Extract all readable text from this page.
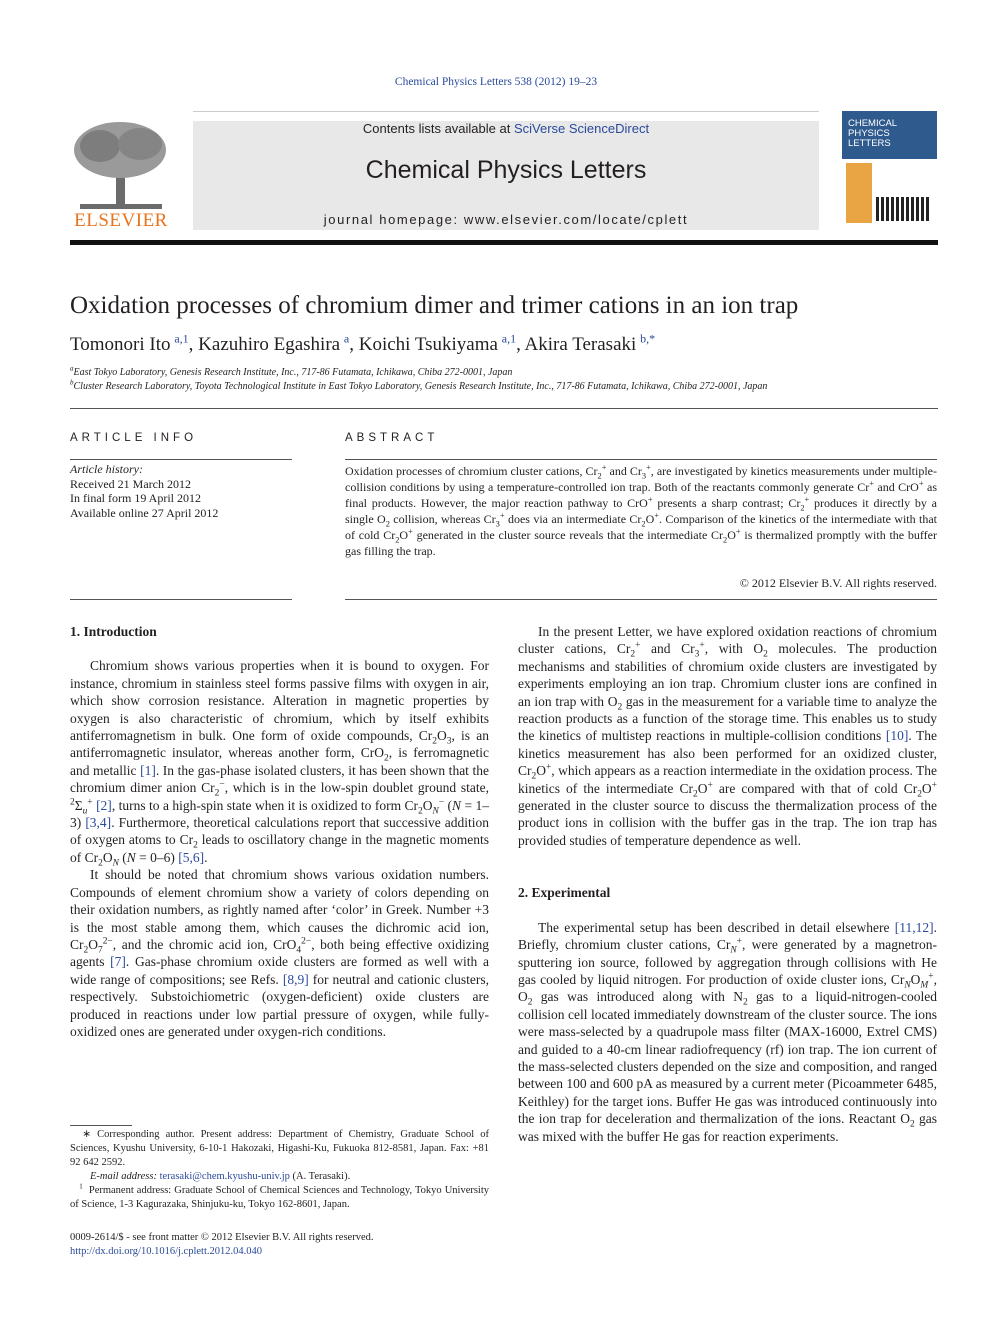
Chemical Physics Letters 538 (2012) 19–23
Contents lists available at SciVerse ScienceDirect
Chemical Physics Letters
journal homepage: www.elsevier.com/locate/cplett
ELSEVIER
CHEMICAL PHYSICS LETTERS
Oxidation processes of chromium dimer and trimer cations in an ion trap
Tomonori Ito  $^{a,1}$, Kazuhiro Egashira  $^a$, Koichi Tsukiyama  $^{a,1}$, Akira Terasaki  $^{b,*}$
$^a$East Tokyo Laboratory, Genesis Research Institute, Inc., 717-86 Futamata, Ichikawa, Chiba 272-0001, Japan
$^b$Cluster Research Laboratory, Toyota Technological Institute in East Tokyo Laboratory, Genesis Research Institute, Inc., 717-86 Futamata, Ichikawa, Chiba 272-0001, Japan
ARTICLE INFO
Article history:
Received 21 March 2012
In final form 19 April 2012
Available online 27 April 2012
ABSTRACT
Oxidation processes of chromium cluster cations, $Cr_2^+$ and $Cr_3^+$, are investigated by kinetics measurements under multiple-collision conditions by using a temperature-controlled ion trap. Both of the reactants commonly generate Cr+ and CrO+ as final products. However, the major reaction pathway to CrO+ presents a sharp contrast; $Cr_2^+$ produces it directly by a single $O_2$ collision, whereas $Cr_3^+$ does via an intermediate $Cr_2O^+$. Comparison of the kinetics of the intermediate with that of cold $Cr_2O^+$ generated in the cluster source reveals that the intermediate $Cr_2O^+$ is thermalized promptly with the buffer gas filling the trap.
© 2012 Elsevier B.V. All rights reserved.
1. Introduction

Chromium shows various properties when it is bound to oxygen. For instance, chromium in stainless steel forms passive films with oxygen in air, which show corrosion resistance. Alteration in magnetic properties by oxygen is also characteristic of chromium, which by itself exhibits antiferromagnetism in bulk. One form of oxide compounds, $Cr_2O_3$, is an antiferromagnetic insulator, whereas another form, CrO$_2$, is ferromagnetic and metallic [1]. In the gas-phase isolated clusters, it has been shown that the chromium dimer anion $Cr_2^-$, which is in the low-spin doublet ground state, $^2\Sigma_u^+$ [2], turns to a high-spin state when it is oxidized to form $Cr_2O_N^-$ (N = 1–3) [3,4]. Furthermore, theoretical calculations report that successive addition of oxygen atoms to $Cr_2$ leads to oscillatory change in the magnetic moments of $Cr_2O_N$ (N = 0–6) [5,6].

It should be noted that chromium shows various oxidation numbers. Compounds of element chromium show a variety of colors depending on their oxidation numbers, as rightly named after ‘color’ in Greek. Number +3 is the most stable among them, which causes the dichromic acid ion, $Cr_2O_7^{2-}$, and the chromic acid ion, CrO$_4^{2-}$, both being effective oxidizing agents [7]. Gas-phase chromium oxide clusters are formed as well with a wide range of compositions; see Refs. [8,9] for neutral and cationic clusters, respectively. Substoichiometric (oxygen-deficient) oxide clusters are produced in reactions under low partial pressure of oxygen, while fully-oxidized ones are generated under oxygen-rich conditions.

∗ Corresponding author. Present address: Department of Chemistry, Graduate School of Sciences, Kyushu University, 6-10-1 Hakozaki, Higashi-Ku, Fukuoka 812-8581, Japan. Fax: +81 92 642 2592.
E-mail address: terasaki@chem.kyushu-univ.jp (A. Terasaki).
$^1$ Permanent address: Graduate School of Chemical Sciences and Technology, Tokyo University of Science, 1-3 Kagurazaka, Shinjuku-ku, Tokyo 162-8601, Japan.
0009-2614/$ - see front matter © 2012 Elsevier B.V. All rights reserved.
http://dx.doi.org/10.1016/j.cplett.2012.04.040

In the present Letter, we have explored oxidation reactions of chromium cluster cations, $Cr_2^+$ and $Cr_3^+$, with $O_2$ molecules. The production mechanisms and stabilities of chromium oxide clusters are investigated by experiments employing an ion trap. Chromium cluster ions are confined in an ion trap with $O_2$ gas in the measurement for a variable time to analyze the reaction products as a function of the storage time. This enables us to study the kinetics of multistep reactions in multiple-collision conditions [10]. The kinetics measurement has also been performed for an oxidized cluster, $Cr_2O^+$, which appears as a reaction intermediate in the oxidation process. The kinetics of the intermediate $Cr_2O^+$ are compared with that of cold $Cr_2O^+$ generated in the cluster source to discuss the thermalization process of the product ions in collision with the buffer gas in the trap. The ion trap has provided studies of temperature dependence as well.

2. Experimental

The experimental setup has been described in detail elsewhere [11,12]. Briefly, chromium cluster cations, $Cr_N^+$, were generated by a magnetron-sputtering ion source, followed by aggregation through collisions with He gas cooled by liquid nitrogen. For production of oxide cluster ions, $Cr_NO_M^+$, $O_2$ gas was introduced along with $N_2$ gas to a liquid-nitrogen-cooled collision cell located immediately downstream of the cluster source. The ions were mass-selected by a quadrupole mass filter (MAX-16000, Extrel CMS) and guided to a 40-cm linear radiofrequency (rf) ion trap. The ion current of the mass-selected clusters depended on the size and composition, and ranged between 100 and 600 pA as measured by a current meter (Picoammeter 6485, Keithley) for the target ions. Buffer He gas was introduced continuously into the ion trap for deceleration and thermalization of the ions. Reactant $O_2$ gas was mixed with the buffer He gas for reaction experiments.
